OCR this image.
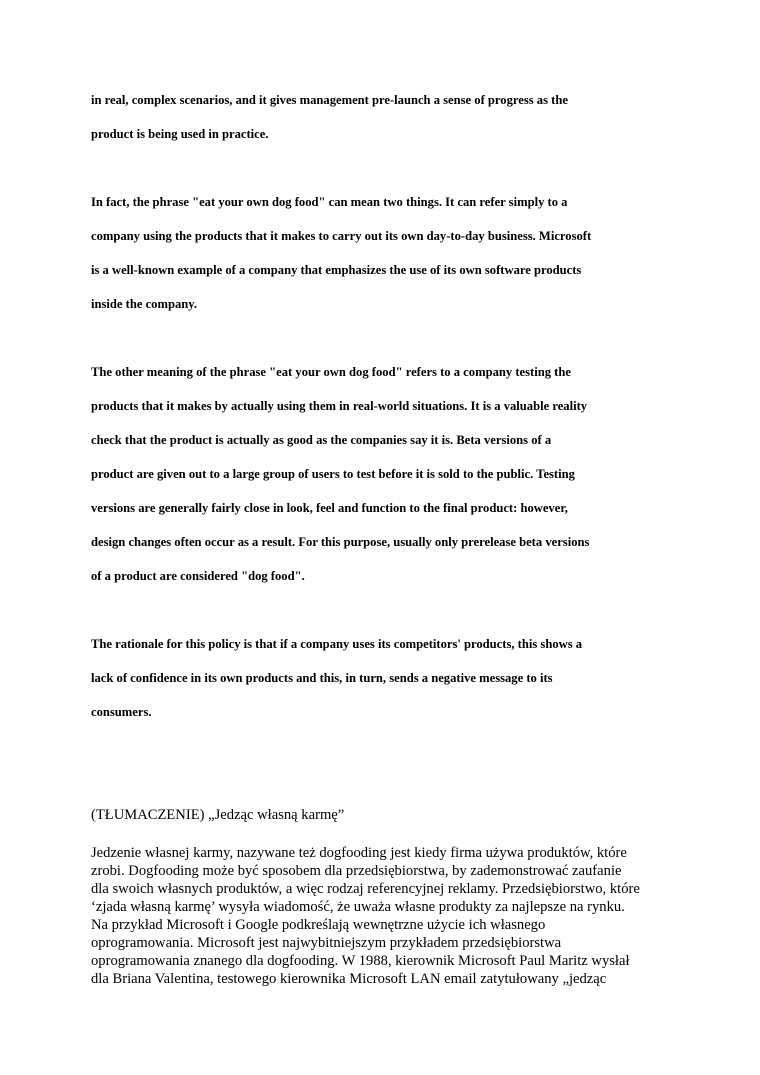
in real, complex scenarios, and it gives management pre-launch a sense of progress as the

product is being used in practice.

In fact, the phrase "eat your own dog food" can mean two things. It can refer simply to a

company using the products that it makes to carry out its own day-to-day business. Microsoft

is a well-known example of a company that emphasizes the use of its own software products

inside the company.

The other meaning of the phrase "eat your own dog food" refers to a company testing the

products that it makes by actually using them in real-world situations. It is a valuable reality

check that the product is actually as good as the companies say it is. Beta versions of a

product are given out to a large group of users to test before it is sold to the public. Testing

versions are generally fairly close in look, feel and function to the final product: however,

design changes often occur as a result. For this purpose, usually only prerelease beta versions

of a product are considered "dog food".

The rationale for this policy is that if a company uses its competitors' products, this shows a

lack of confidence in its own products and this, in turn, sends a negative message to its

consumers.

(TŁUMACZENIE) „Jedząc własną karmę”

Jedzenie własnej karmy, nazywane też dogfooding jest kiedy firma używa produktów, które

zrobi. Dogfooding może być sposobem dla przedsiębiorstwa, by zademonstrować zaufanie

dla swoich własnych produktów, a więc rodzaj referencyjnej reklamy. Przedsiębiorstwo, które

‘zjada własną karmę’ wysyła wiadomość, że uważa własne produkty za najlepsze na rynku.

Na przykład Microsoft i Google podkreślają wewnętrzne użycie ich własnego

oprogramowania. Microsoft jest najwybitniejszym przykładem przedsiębiorstwa

oprogramowania znanego dla dogfooding. W 1988, kierownik Microsoft Paul Maritz wysłał

dla Briana Valentina, testowego kierownika Microsoft LAN email zatytułowany „jedząc
